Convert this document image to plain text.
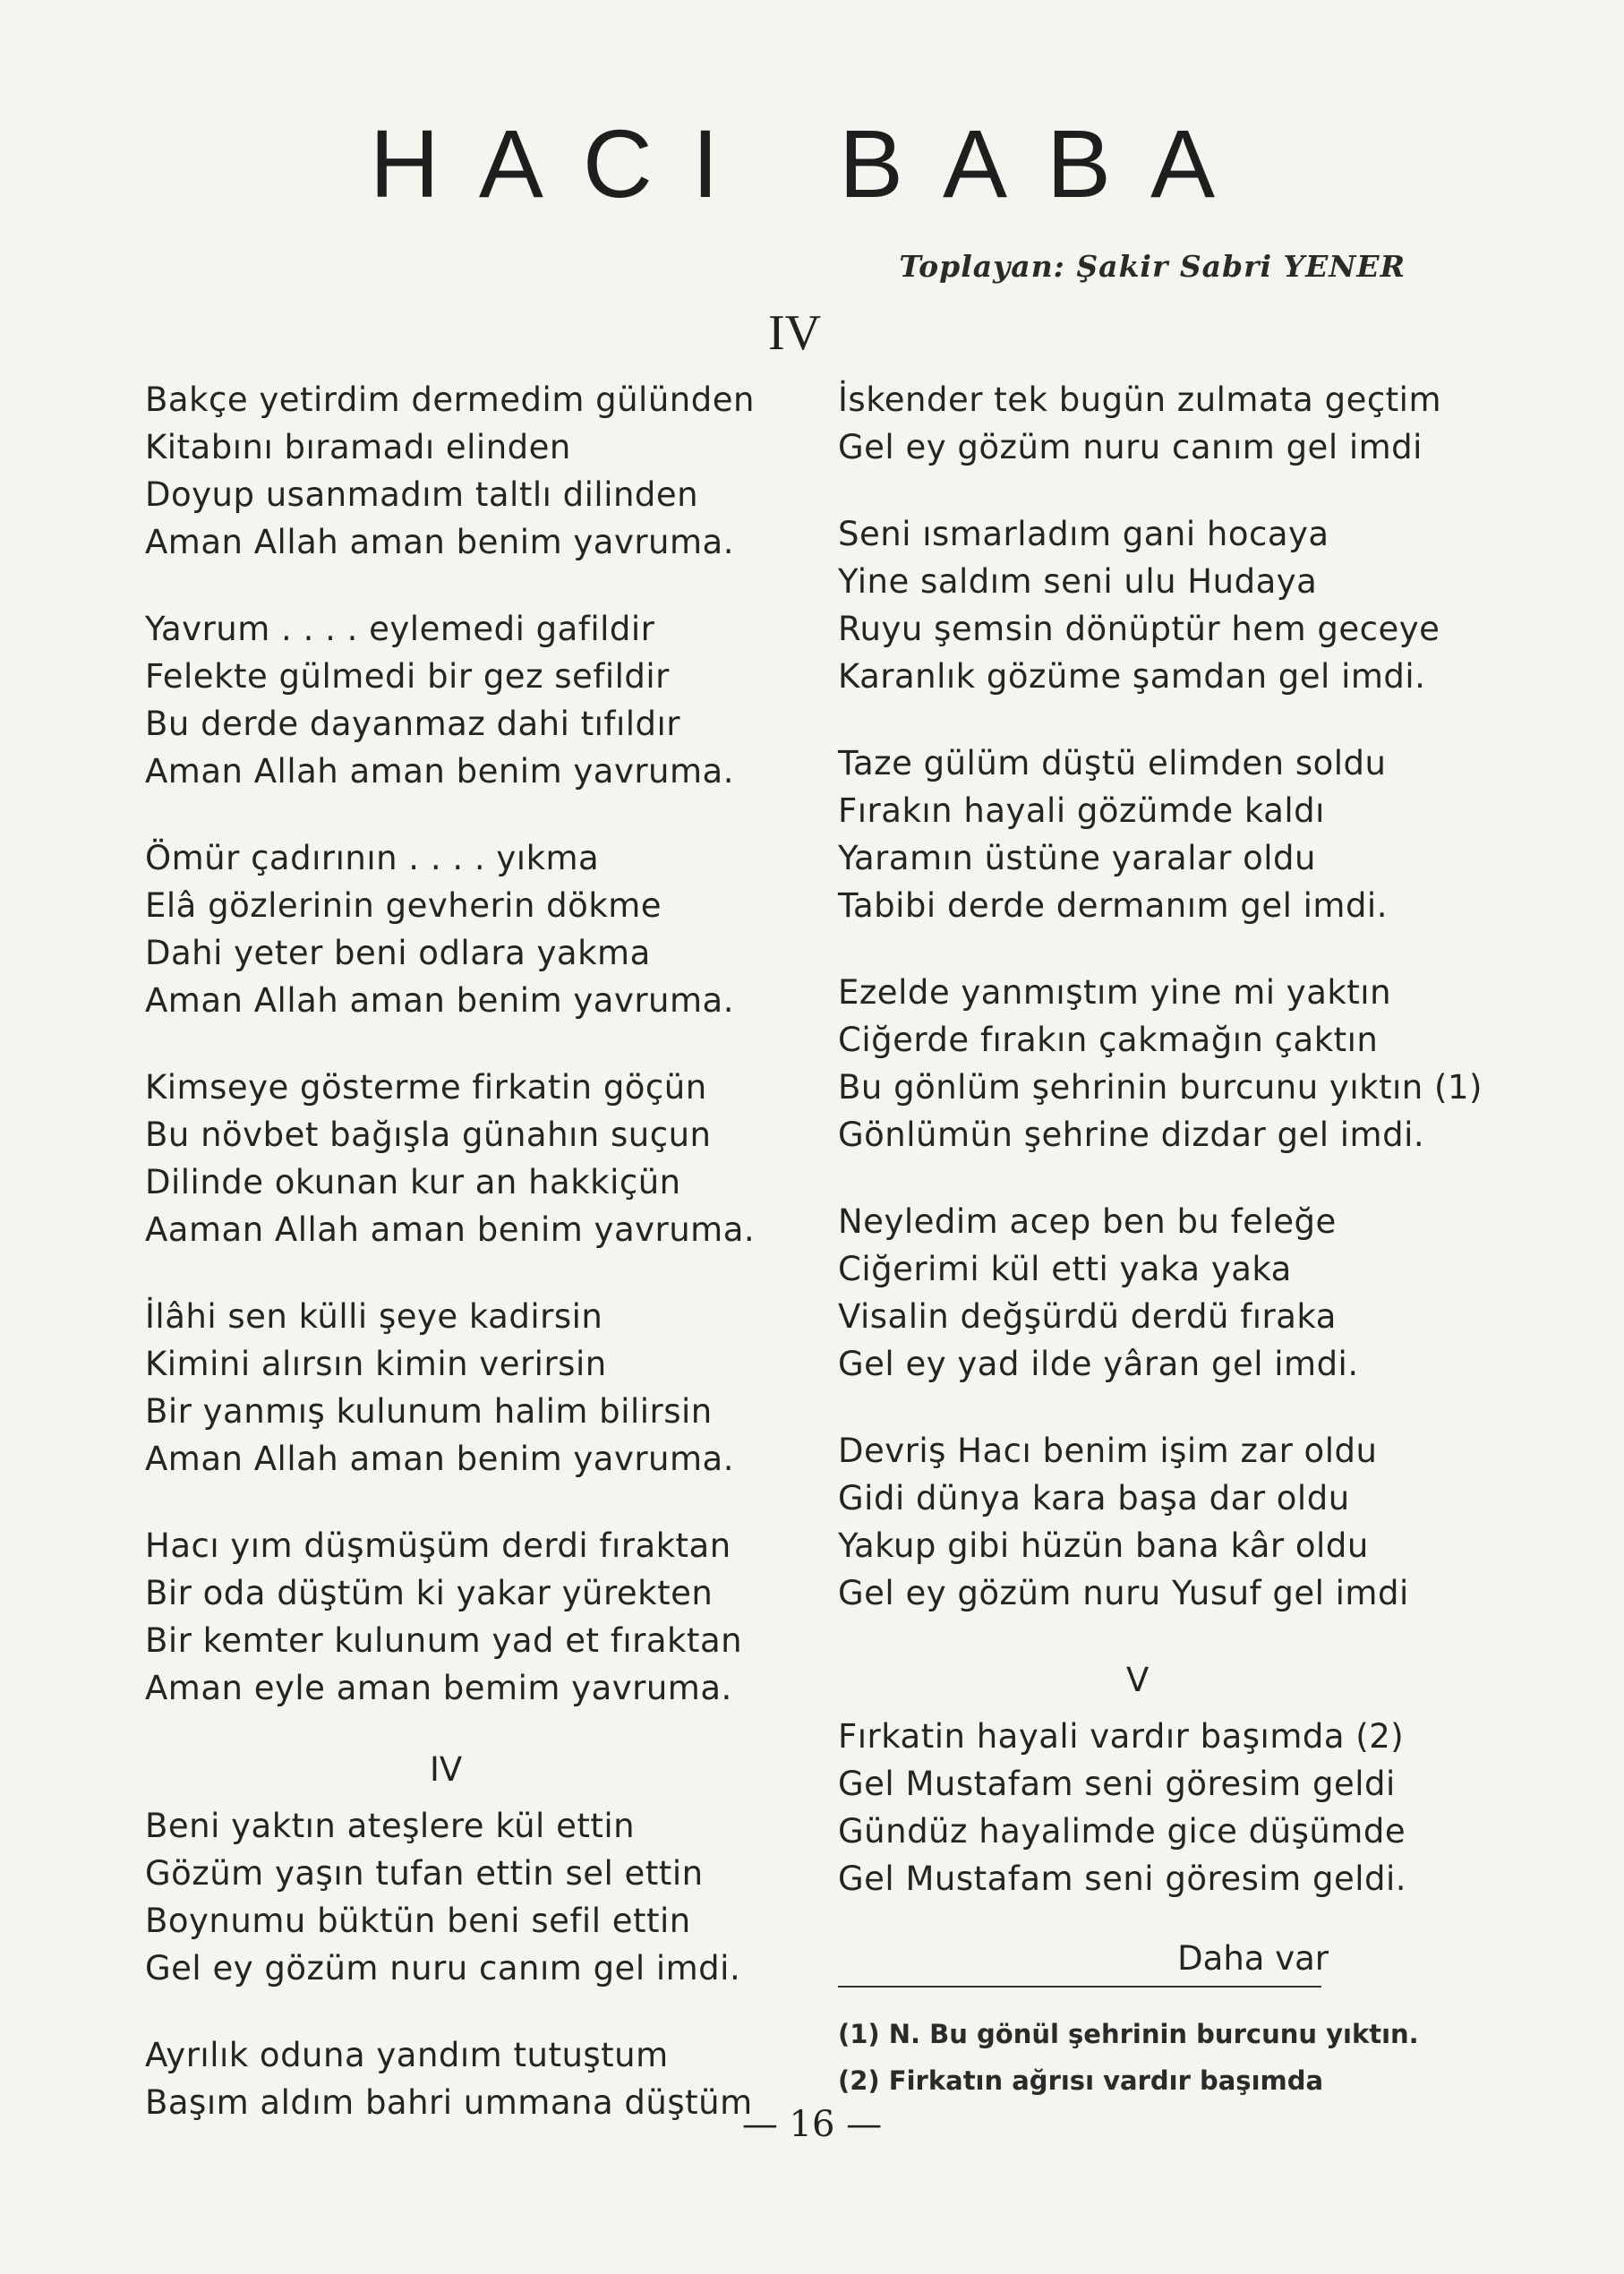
HACI BABA
Toplayan: Şakir Sabri YENER
IV
Bakçe yetirdim dermedim gülünden
Kitabını bıramadı elinden
Doyup usanmadım taltlı dilinden
Aman Allah aman benim yavruma.
Yavrum . . . . eylemedi gafildir
Felekte gülmedi bir gez sefildir
Bu derde dayanmaz dahi tıfıldır
Aman Allah aman benim yavruma.
Ömür çadırının . . . . yıkma
Elâ gözlerinin gevherin dökme
Dahi yeter beni odlara yakma
Aman Allah aman benim yavruma.
Kimseye gösterme firkatin göçün
Bu növbet bağışla günahın suçun
Dilinde okunan kur an hakkiçün
Aaman Allah aman benim yavruma.
İlâhi sen külli şeye kadirsin
Kimini alırsın kimin verirsin
Bir yanmış kulunum halim bilirsin
Aman Allah aman benim yavruma.
Hacı yım düşmüşüm derdi fıraktan
Bir oda düştüm ki yakar yürekten
Bir kemter kulunum yad et fıraktan
Aman eyle aman bemim yavruma.
IV
Beni yaktın ateşlere kül ettin
Gözüm yaşın tufan ettin sel ettin
Boynumu büktün beni sefil ettin
Gel ey gözüm nuru canım gel imdi.
Ayrılık oduna yandım tutuştum
Başım aldım bahri ummana düştüm
İskender tek bugün zulmata geçtim
Gel ey gözüm nuru canım gel imdi
Seni ısmarladım gani hocaya
Yine saldım seni ulu Hudaya
Ruyu şemsin dönüptür hem geceye
Karanlık gözüme şamdan gel imdi.
Taze gülüm düştü elimden soldu
Fırakın hayali gözümde kaldı
Yaramın üstüne yaralar oldu
Tabibi derde dermanım gel imdi.
Ezelde yanmıştım yine mi yaktın
Ciğerde fırakın çakmağın çaktın
Bu gönlüm şehrinin burcunu yıktın (1)
Gönlümün şehrine dizdar gel imdi.
Neyledim acep ben bu feleğe
Ciğerimi kül etti yaka yaka
Visalin değşürdü derdü fıraka
Gel ey yad ilde yâran gel imdi.
Devriş Hacı benim işim zar oldu
Gidi dünya kara başa dar oldu
Yakup gibi hüzün bana kâr oldu
Gel ey gözüm nuru Yusuf gel imdi
V
Fırkatin hayali vardır başımda (2)
Gel Mustafam seni göresim geldi
Gündüz hayalimde gice düşümde
Gel Mustafam seni göresim geldi.
Daha var
(1) N. Bu gönül şehrinin burcunu yıktın.
(2) Firkatın ağrısı vardır başımda
— 16 —
